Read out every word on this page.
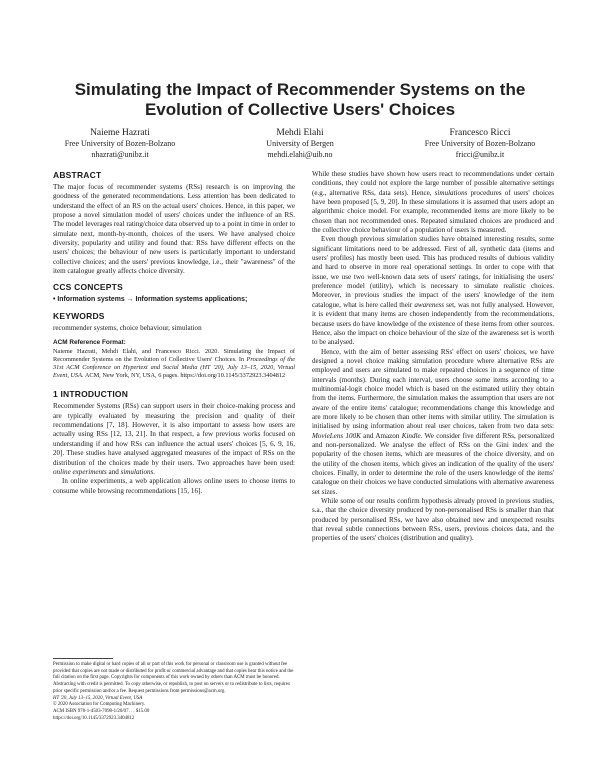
Simulating the Impact of Recommender Systems on the Evolution of Collective Users' Choices
Naieme Hazrati
Free University of Bozen-Bolzano
nhazrati@unibz.it
Mehdi Elahi
University of Bergen
mehdi.elahi@uib.no
Francesco Ricci
Free University of Bozen-Bolzano
fricci@unibz.it
ABSTRACT

The major focus of recommender systems (RSs) research is on improving the goodness of the generated recommendations. Less attention has been dedicated to understand the effect of an RS on the actual users' choices. Hence, in this paper, we propose a novel simulation model of users' choices under the influence of an RS. The model leverages real rating/choice data observed up to a point in time in order to simulate next, month-by-month, choices of the users. We have analysed choice diversity, popularity and utility and found that: RSs have different effects on the users' choices; the behaviour of new users is particularly important to understand collective choices; and the users' previous knowledge, i.e., their "awareness" of the item catalogue greatly affects choice diversity.

CCS CONCEPTS

• Information systems → Information systems applications;

KEYWORDS

recommender systems, choice behaviour, simulation

ACM Reference Format:

Naieme Hazrati, Mehdi Elahi, and Francesco Ricci. 2020. Simulating the Impact of Recommender Systems on the Evolution of Collective Users' Choices. In Proceedings of the 31st ACM Conference on Hypertext and Social Media (HT '20), July 13–15, 2020, Virtual Event, USA. ACM, New York, NY, USA, 6 pages. https://doi.org/10.1145/3372923.3404812

1 INTRODUCTION

Recommender Systems (RSs) can support users in their choice-making process and are typically evaluated by measuring the precision and quality of their recommendations [7, 18]. However, it is also important to assess how users are actually using RSs [12, 13, 21]. In that respect, a few previous works focused on understanding if and how RSs can influence the actual users' choices [5, 6, 9, 16, 20]. These studies have analysed aggregated measures of the impact of RSs on the distribution of the choices made by their users. Two approaches have been used: online experiments and simulations.

In online experiments, a web application allows online users to choose items to consume while browsing recommendations [15, 16].

Permission to make digital or hard copies of all or part of this work for personal or classroom use is granted without fee provided that copies are not made or distributed for profit or commercial advantage and that copies bear this notice and the full citation on the first page. Copyrights for components of this work owned by others than ACM must be honored. Abstracting with credit is permitted. To copy otherwise, or republish, to post on servers or to redistribute to lists, requires prior specific permission and/or a fee. Request permissions from permissions@acm.org.
HT '20, July 13–15, 2020, Virtual Event, USA
© 2020 Association for Computing Machinery.
ACM ISBN 978-1-4503-7098-1/20/07. . . $15.00
https://doi.org/10.1145/3372923.3404812

While these studies have shown how users react to recommendations under certain conditions, they could not explore the large number of possible alternative settings (e.g., alternative RSs, data sets). Hence, simulations procedures of users' choices have been proposed [5, 9, 20]. In these simulations it is assumed that users adopt an algorithmic choice model. For example, recommended items are more likely to be chosen than not recommended ones. Repeated simulated choices are produced and the collective choice behaviour of a population of users is measured.

Even though previous simulation studies have obtained interesting results, some significant limitations need to be addressed. First of all, synthetic data (items and users' profiles) has mostly been used. This has produced results of dubious validity and hard to observe in more real operational settings. In order to cope with that issue, we use two well-known data sets of users' ratings, for initialising the users' preference model (utility), which is necessary to simulate realistic choices. Moreover, in previous studies the impact of the users' knowledge of the item catalogue, what is here called their awareness set, was not fully analysed. However, it is evident that many items are chosen independently from the recommendations, because users do have knowledge of the existence of these items from other sources. Hence, also the impact on choice behaviour of the size of the awareness set is worth to be analysed.

Hence, with the aim of better assessing RSs' effect on users' choices, we have designed a novel choice making simulation procedure where alternative RSs are employed and users are simulated to make repeated choices in a sequence of time intervals (months). During each interval, users choose some items according to a multinomial-logit choice model which is based on the estimated utility they obtain from the items. Furthermore, the simulation makes the assumption that users are not aware of the entire items' catalogue; recommendations change this knowledge and are more likely to be chosen than other items with similar utility. The simulation is initialised by using information about real user choices, taken from two data sets: MovieLens 100K and Amazon Kindle. We consider five different RSs, personalized and non-personalized. We analyse the effect of RSs on the Gini index and the popularity of the chosen items, which are measures of the choice diversity, and on the utility of the chosen items, which gives an indication of the quality of the users' choices. Finally, in order to determine the role of the users knowledge of the items' catalogue on their choices we have conducted simulations with alternative awareness set sizes.

While some of our results confirm hypothesis already proved in previous studies, s.a., that the choice diversity produced by non-personalised RSs is smaller than that produced by personalised RSs, we have also obtained new and unexpected results that reveal subtle connections between RSs, users, previous choices data, and the properties of the users' choices (distribution and quality).
